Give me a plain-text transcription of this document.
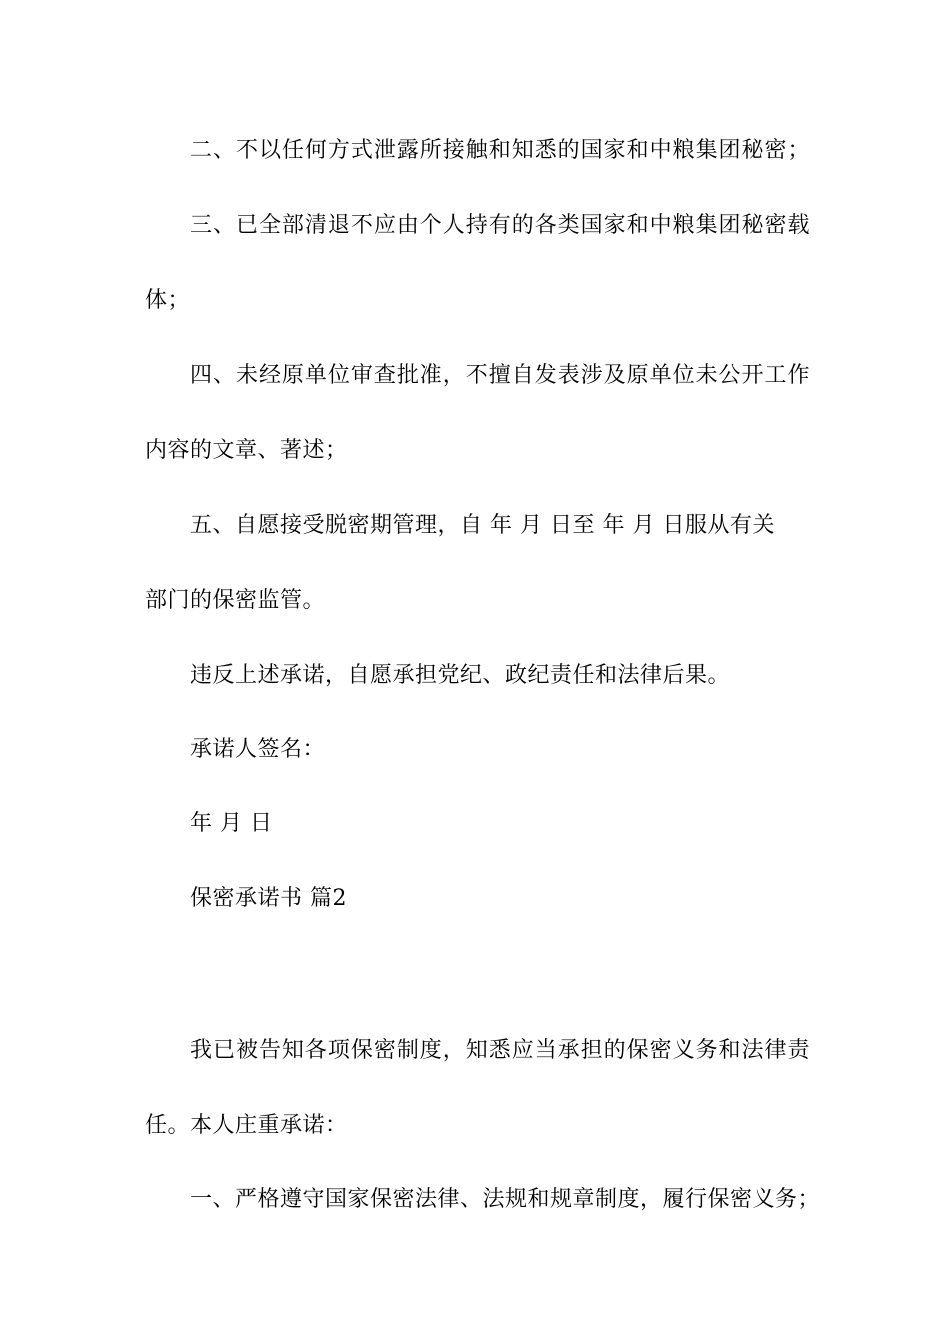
二、不以任何方式泄露所接触和知悉的国家和中粮集团秘密；
三、已全部清退不应由个人持有的各类国家和中粮集团秘密载
体；
四、未经原单位审查批准，不擅自发表涉及原单位未公开工作
内容的文章、著述；
五、自愿接受脱密期管理，自 年 月 日至 年 月 日服从有关
部门的保密监管。
违反上述承诺，自愿承担党纪、政纪责任和法律后果。
承诺人签名：
年 月 日
保密承诺书 篇2
我已被告知各项保密制度，知悉应当承担的保密义务和法律责
任。本人庄重承诺：
一、严格遵守国家保密法律、法规和规章制度，履行保密义务；
